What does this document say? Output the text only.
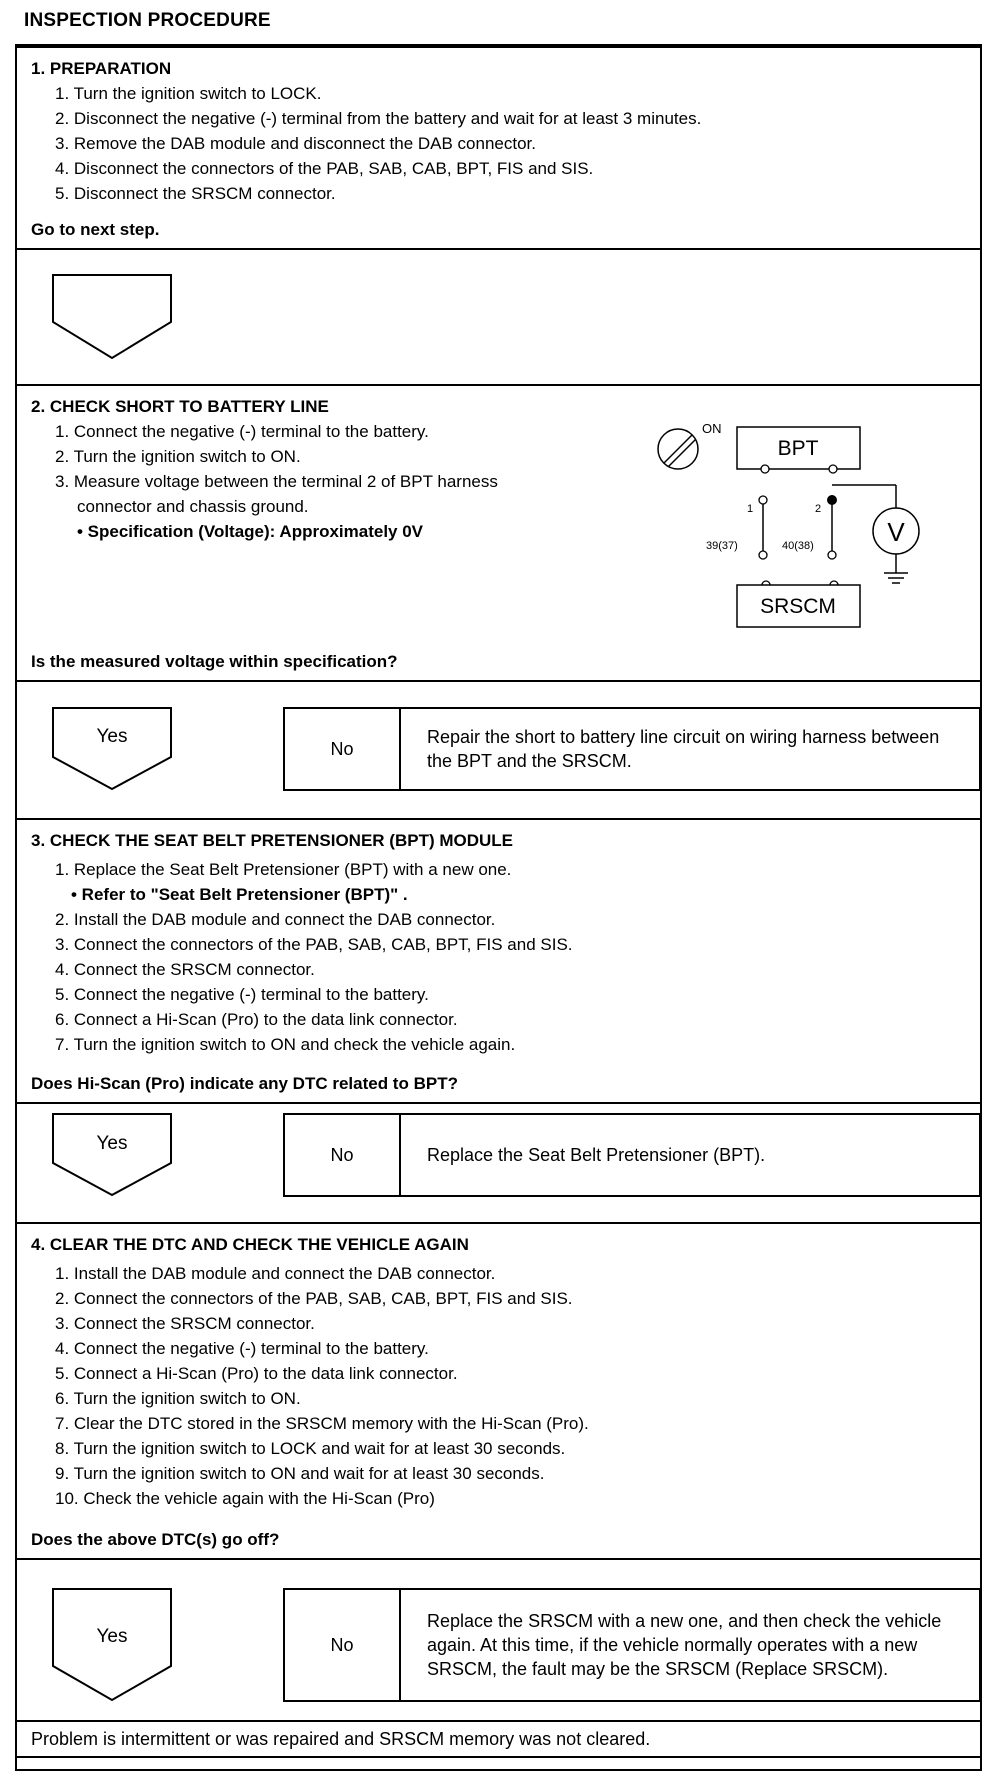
INSPECTION PROCEDURE
1. PREPARATION
1. Turn the ignition switch to LOCK.
2. Disconnect the negative (-) terminal from the battery and wait for at least 3 minutes.
3. Remove the DAB module and disconnect the DAB connector.
4. Disconnect the connectors of the PAB, SAB, CAB, BPT, FIS and SIS.
5. Disconnect the SRSCM connector.
Go to next step.
2. CHECK SHORT TO BATTERY LINE
1. Connect the negative (-) terminal to the battery.
2. Turn the ignition switch to ON.
3. Measure voltage between the terminal 2 of BPT harness
connector and chassis ground.
• Specification (Voltage): Approximately 0V
Is the measured voltage within specification?
ON
BPT
1	2
39(37)	40(38)	V
SRSCM
Yes
No
Repair the short to battery line circuit on wiring harness between the BPT and the SRSCM.
3. CHECK THE SEAT BELT PRETENSIONER (BPT) MODULE
1. Replace the Seat Belt Pretensioner (BPT) with a new one.
• Refer to "Seat Belt Pretensioner (BPT)" .
2. Install the DAB module and connect the DAB connector.
3. Connect the connectors of the PAB, SAB, CAB, BPT, FIS and SIS.
4. Connect the SRSCM connector.
5. Connect the negative (-) terminal to the battery.
6. Connect a Hi-Scan (Pro) to the data link connector.
7. Turn the ignition switch to ON and check the vehicle again.
Does Hi-Scan (Pro) indicate any DTC related to BPT?
Yes
No	Replace the Seat Belt Pretensioner (BPT).
4. CLEAR THE DTC AND CHECK THE VEHICLE AGAIN
1. Install the DAB module and connect the DAB connector.
2. Connect the connectors of the PAB, SAB, CAB, BPT, FIS and SIS.
3. Connect the SRSCM connector.
4. Connect the negative (-) terminal to the battery.
5. Connect a Hi-Scan (Pro) to the data link connector.
6. Turn the ignition switch to ON.
7. Clear the DTC stored in the SRSCM memory with the Hi-Scan (Pro).
8. Turn the ignition switch to LOCK and wait for at least 30 seconds.
9. Turn the ignition switch to ON and wait for at least 30 seconds.
10. Check the vehicle again with the Hi-Scan (Pro)
Does the above DTC(s) go off?
Yes	No
Replace the SRSCM with a new one, and then check the vehicle again. At this time, if the vehicle normally operates with a new SRSCM, the fault may be the SRSCM (Replace SRSCM).
Problem is intermittent or was repaired and SRSCM memory was not cleared.
